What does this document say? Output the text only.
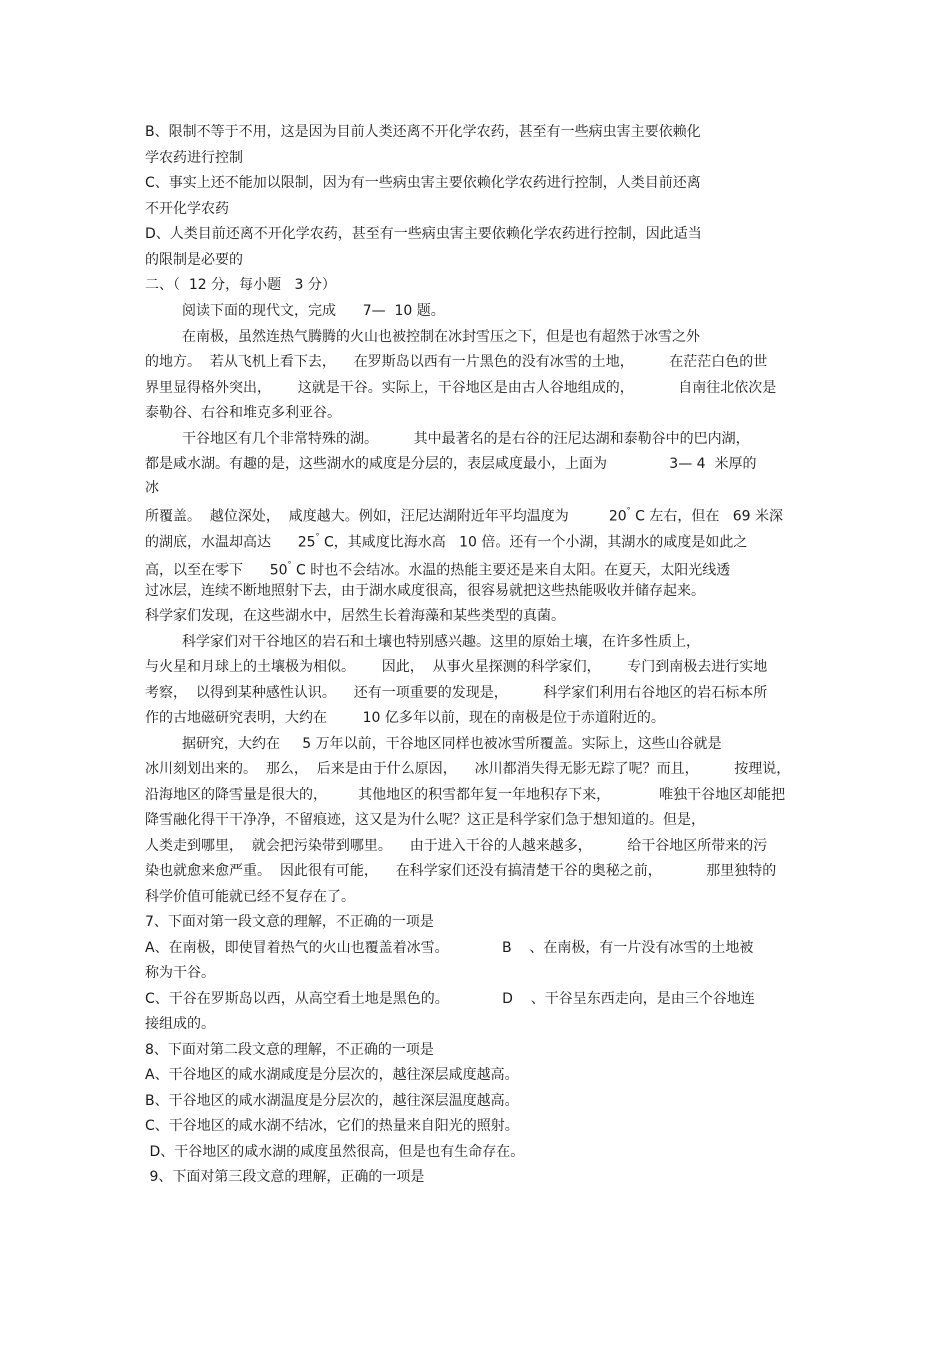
B、限制不等于不用，这是因为目前人类还离不开化学农药，甚至有一些病虫害主要依赖化
学农药进行控制
C、事实上还不能加以限制，因为有一些病虫害主要依赖化学农药进行控制，人类目前还离
不开化学农药
D、人类目前还离不开化学农药，甚至有一些病虫害主要依赖化学农药进行控制，因此适当
的限制是必要的
二、（  12 分，每小题   3 分）
阅读下面的现代文，完成      7—  10 题。
在南极，虽然连热气腾腾的火山也被控制在冰封雪压之下，但是也有超然于冰雪之外
的地方。  若从飞机上看下去，    在罗斯岛以西有一片黑色的没有冰雪的土地，        在茫茫白色的世
界里显得格外突出，      这就是干谷。实际上，干谷地区是由古人谷地组成的，          自南往北依次是
泰勒谷、右谷和堆克多利亚谷。
干谷地区有几个非常特殊的湖。        其中最著名的是右谷的汪尼达湖和泰勒谷中的巴内湖，
都是咸水湖。有趣的是，这些湖水的咸度是分层的，表层咸度最小，上面为              3— 4  米厚的
冰
所覆盖。  越位深处，  咸度越大。例如，汪尼达湖附近年平均温度为         20° C 左右，但在   69 米深
的湖底，水温却高达      25° C，其咸度比海水高   10 倍。还有一个小湖，其湖水的咸度是如此之
高，以至在零下      50° C 时也不会结冰。水温的热能主要还是来自太阳。在夏天，太阳光线透
过冰层，连续不断地照射下去，由于湖水咸度很高，很容易就把这些热能吸收并储存起来。
科学家们发现，在这些湖水中，居然生长着海藻和某些类型的真菌。
科学家们对干谷地区的岩石和土壤也特别感兴趣。这里的原始土壤，在许多性质上，
与火星和月球上的土壤极为相似。      因此，  从事火星探测的科学家们，      专门到南极去进行实地
考察，  以得到某种感性认识。    还有一项重要的发现是，        科学家们利用右谷地区的岩石标本所
作的古地磁研究表明，大约在        10 亿多年以前，现在的南极是位于赤道附近的。
据研究，大约在     5 万年以前，干谷地区同样也被冰雪所覆盖。实际上，这些山谷就是
冰川刻划出来的。  那么，  后来是由于什么原因，    冰川都消失得无影无踪了呢？而且，        按理说，
沿海地区的降雪量是很大的，       其他地区的积雪都年复一年地积存下来，           唯独干谷地区却能把
降雪融化得干干净净，不留痕迹，这又是为什么呢？这正是科学家们急于想知道的。但是，
人类走到哪里，  就会把污染带到哪里。    由于进入干谷的人越来越多，        给干谷地区所带来的污
染也就愈来愈严重。  因此很有可能，    在科学家们还没有搞清楚干谷的奥秘之前，          那里独特的
科学价值可能就已经不复存在了。
7、下面对第一段文意的理解，不正确的一项是
A、在南极，即使冒着热气的火山也覆盖着冰雪。            B    、在南极，有一片没有冰雪的土地被
称为干谷。
C、干谷在罗斯岛以西，从高空看土地是黑色的。            D    、干谷呈东西走向，是由三个谷地连
接组成的。
8、下面对第二段文意的理解，不正确的一项是
A、干谷地区的咸水湖咸度是分层次的，越往深层咸度越高。
B、干谷地区的咸水湖温度是分层次的，越往深层温度越高。
C、干谷地区的咸水湖不结冰，它们的热量来自阳光的照射。
D、干谷地区的咸水湖的咸度虽然很高，但是也有生命存在。
9、下面对第三段文意的理解，正确的一项是
